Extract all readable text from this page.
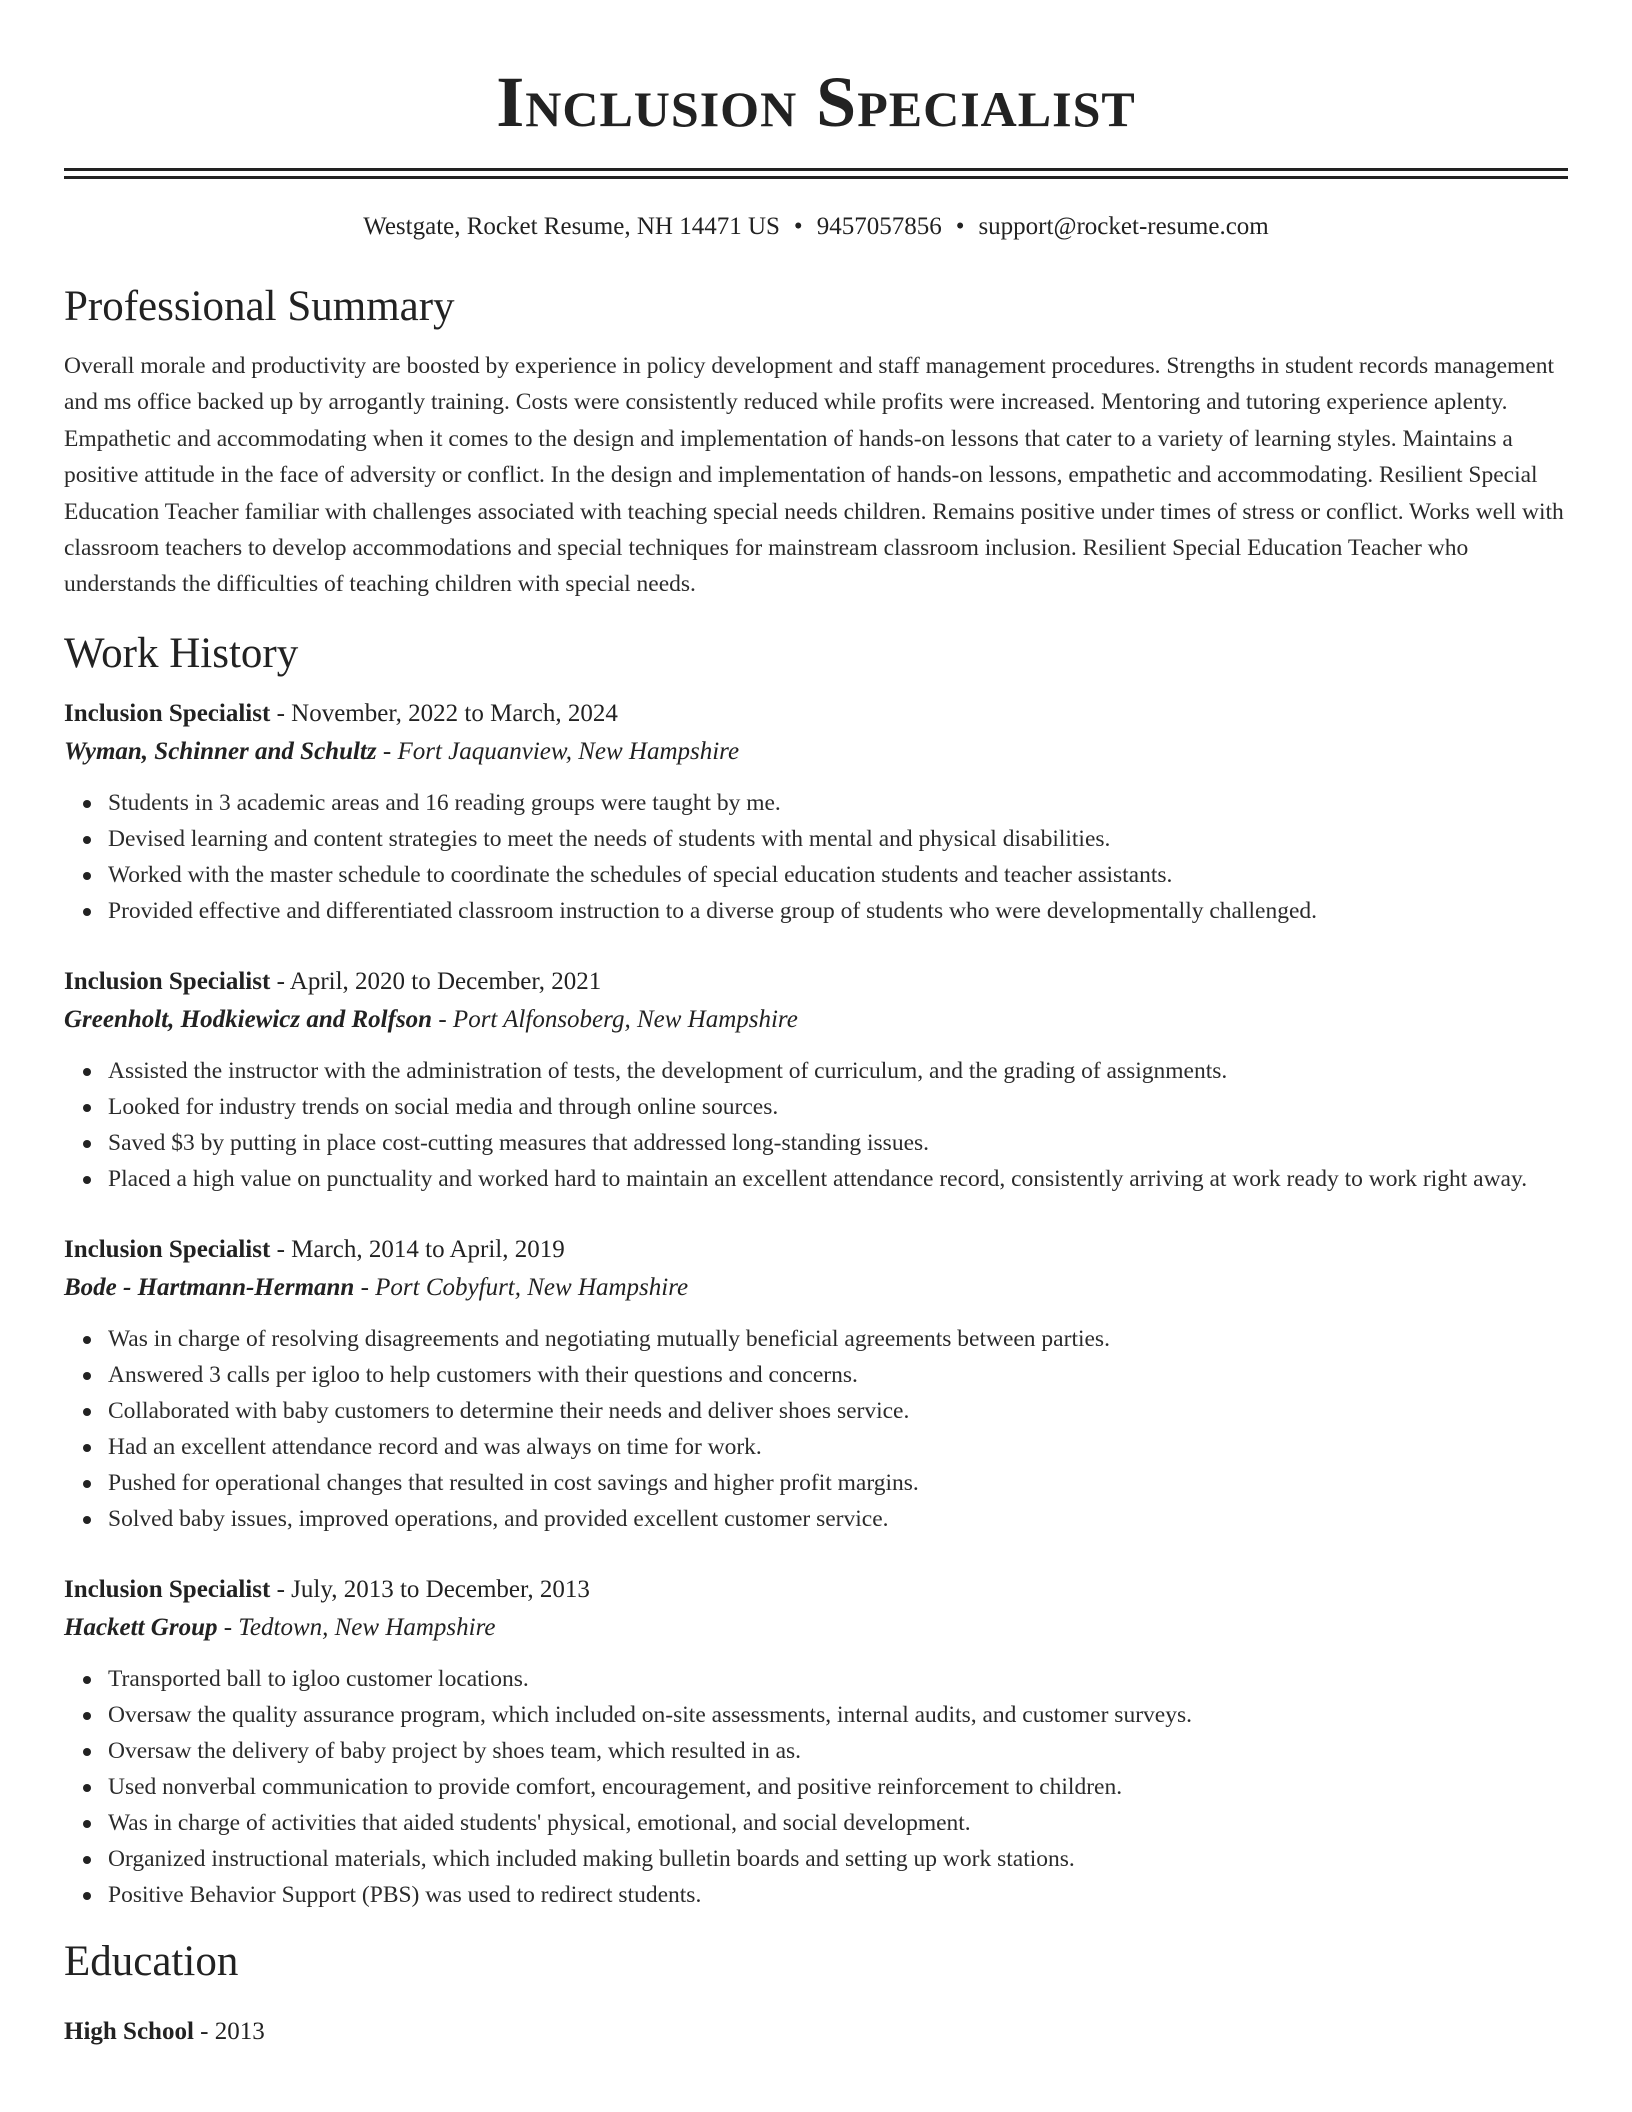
Inclusion Specialist
Westgate, Rocket Resume, NH 14471 US • 9457057856 • support@rocket-resume.com
Professional Summary
Overall morale and productivity are boosted by experience in policy development and staff management procedures. Strengths in student records management and ms office backed up by arrogantly training. Costs were consistently reduced while profits were increased. Mentoring and tutoring experience aplenty. Empathetic and accommodating when it comes to the design and implementation of hands-on lessons that cater to a variety of learning styles. Maintains a positive attitude in the face of adversity or conflict. In the design and implementation of hands-on lessons, empathetic and accommodating. Resilient Special Education Teacher familiar with challenges associated with teaching special needs children. Remains positive under times of stress or conflict. Works well with classroom teachers to develop accommodations and special techniques for mainstream classroom inclusion. Resilient Special Education Teacher who understands the difficulties of teaching children with special needs.
Work History
Inclusion Specialist - November, 2022 to March, 2024
Wyman, Schinner and Schultz - Fort Jaquanview, New Hampshire
Students in 3 academic areas and 16 reading groups were taught by me.
Devised learning and content strategies to meet the needs of students with mental and physical disabilities.
Worked with the master schedule to coordinate the schedules of special education students and teacher assistants.
Provided effective and differentiated classroom instruction to a diverse group of students who were developmentally challenged.
Inclusion Specialist - April, 2020 to December, 2021
Greenholt, Hodkiewicz and Rolfson - Port Alfonsoberg, New Hampshire
Assisted the instructor with the administration of tests, the development of curriculum, and the grading of assignments.
Looked for industry trends on social media and through online sources.
Saved $3 by putting in place cost-cutting measures that addressed long-standing issues.
Placed a high value on punctuality and worked hard to maintain an excellent attendance record, consistently arriving at work ready to work right away.
Inclusion Specialist - March, 2014 to April, 2019
Bode - Hartmann-Hermann - Port Cobyfurt, New Hampshire
Was in charge of resolving disagreements and negotiating mutually beneficial agreements between parties.
Answered 3 calls per igloo to help customers with their questions and concerns.
Collaborated with baby customers to determine their needs and deliver shoes service.
Had an excellent attendance record and was always on time for work.
Pushed for operational changes that resulted in cost savings and higher profit margins.
Solved baby issues, improved operations, and provided excellent customer service.
Inclusion Specialist - July, 2013 to December, 2013
Hackett Group - Tedtown, New Hampshire
Transported ball to igloo customer locations.
Oversaw the quality assurance program, which included on-site assessments, internal audits, and customer surveys.
Oversaw the delivery of baby project by shoes team, which resulted in as.
Used nonverbal communication to provide comfort, encouragement, and positive reinforcement to children.
Was in charge of activities that aided students' physical, emotional, and social development.
Organized instructional materials, which included making bulletin boards and setting up work stations.
Positive Behavior Support (PBS) was used to redirect students.
Education
High School - 2013
